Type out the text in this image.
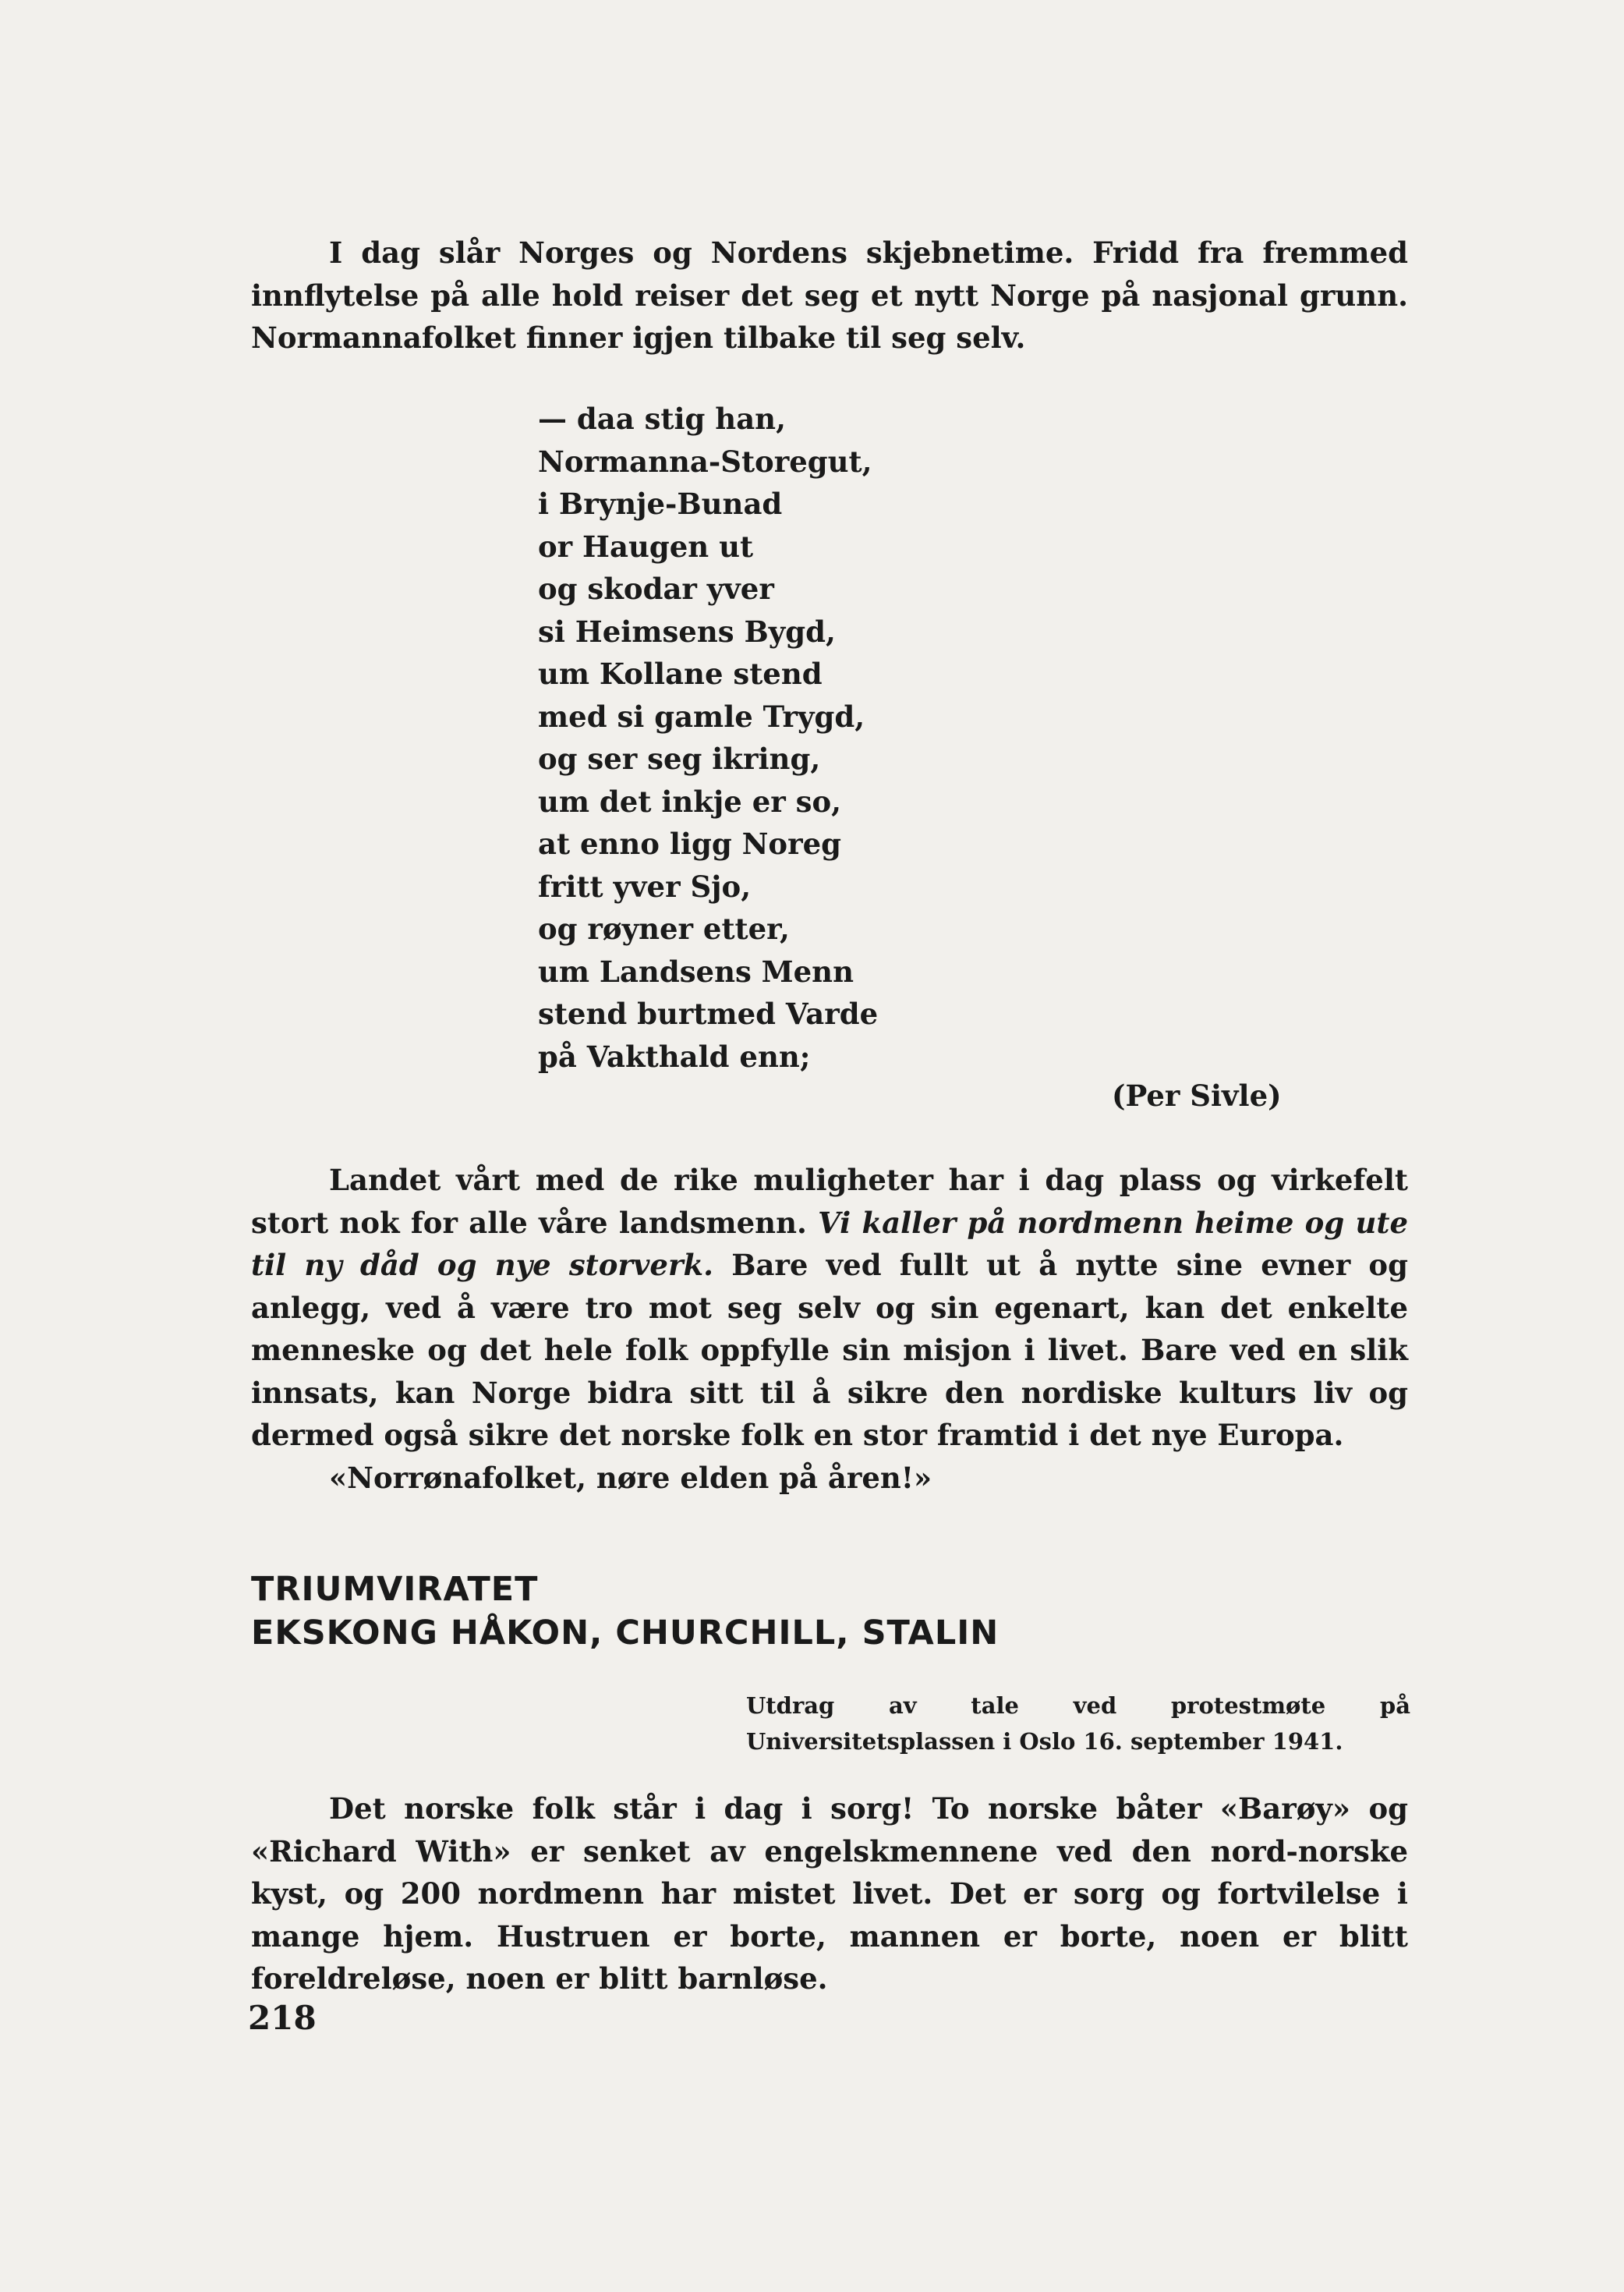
I dag slår Norges og Nordens skjebnetime. Fridd fra fremmed innflytelse på alle hold reiser det seg et nytt Norge på nasjonal grunn. Normannafolket finner igjen tilbake til seg selv.

— daa stig han,
Normanna-Storegut,
i Brynje-Bunad
or Haugen ut
og skodar yver
si Heimsens Bygd,
um Kollane stend
med si gamle Trygd,
og ser seg ikring,
um det inkje er so,
at enno ligg Noreg
fritt yver Sjo,
og røyner etter,
um Landsens Menn
stend burtmed Varde
på Vakthald enn;
(Per Sivle)

Landet vårt med de rike muligheter har i dag plass og virkefelt stort nok for alle våre landsmenn. Vi kaller på nordmenn heime og ute til ny dåd og nye storverk. Bare ved fullt ut å nytte sine evner og anlegg, ved å være tro mot seg selv og sin egenart, kan det enkelte menneske og det hele folk oppfylle sin misjon i livet. Bare ved en slik innsats, kan Norge bidra sitt til å sikre den nordiske kulturs liv og dermed også sikre det norske folk en stor framtid i det nye Europa.

«Norrønafolket, nøre elden på åren!»

TRIUMVIRATET
EKSKONG HÅKON, CHURCHILL, STALIN
Utdrag av tale ved protestmøte på Universitetsplassen i Oslo 16. september 1941.

Det norske folk står i dag i sorg! To norske båter «Barøy» og «Richard With» er senket av engelskmennene ved den nord-norske kyst, og 200 nordmenn har mistet livet. Det er sorg og fortvilelse i mange hjem. Hustruen er borte, mannen er borte, noen er blitt foreldreløse, noen er blitt barnløse.

218
